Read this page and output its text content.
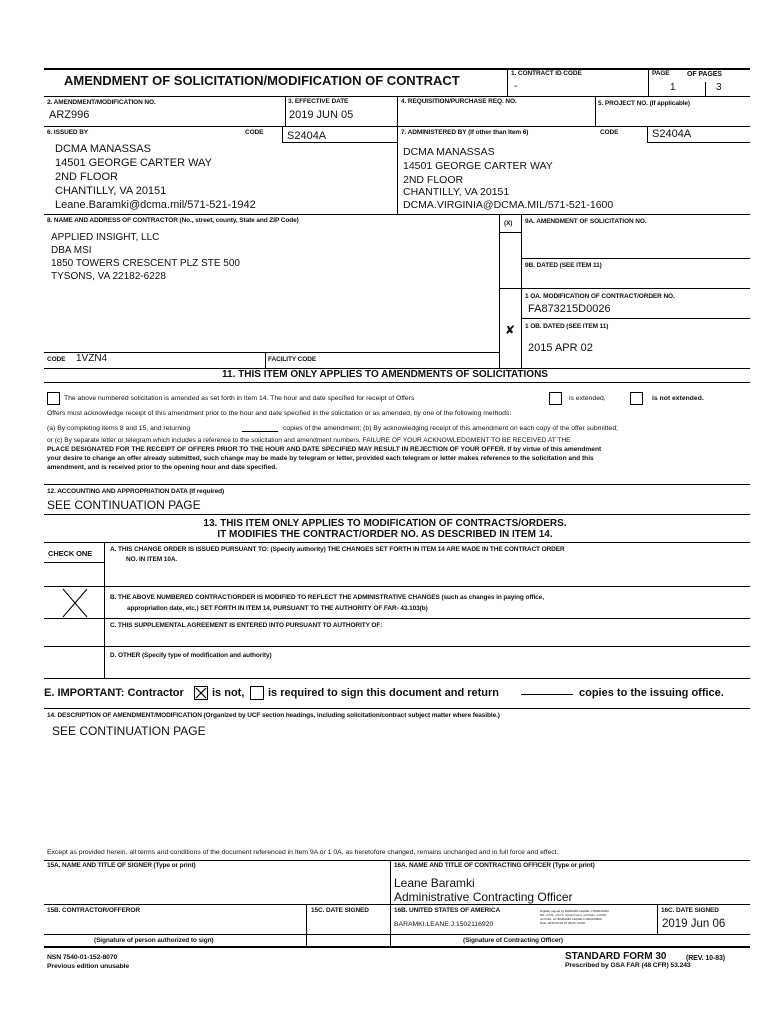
AMENDMENT OF SOLICITATION/MODIFICATION OF CONTRACT	1. CONTRACT ID CODE
-
PAGE OF PAGES
1	3
2. AMENDMENT/MODIFICATION NO.
ARZ996
3. EFFECTIVE DATE
2019 JUN 05
4. REQUISITION/PURCHASE REQ. NO.	5. PROJECT NO. (If applicable)
6. ISSUED BY	CODE S2404A
DCMA MANASSAS
14501 GEORGE CARTER WAY
2ND FLOOR
CHANTILLY, VA 20151
Leane.Baramki@dcma.mil/571-521-1942
7. ADMINISTERED BY (If other than Item 6)	CODE	S2404A
DCMA MANASSAS
14501 GEORGE CARTER WAY
2ND FLOOR
CHANTILLY, VA 20151
DCMA.VIRGINIA@DCMA.MIL/571-521-1600
8. NAME AND ADDRESS OF CONTRACTOR (No., street, county, State and ZIP Code)
APPLIED INSIGHT, LLC
DBA MSI
1850 TOWERS CRESCENT PLZ STE 500
TYSONS, VA 22182-6228
CODE 1VZN4	FACILITY CODE
(X) 9A. AMENDMENT OF SOLICITATION NO.
9B. DATED (SEE ITEM 11)
1 OA. MODIFICATION OF CONTRACT/ORDER NO.
FA873215D0026
✘ 1 OB. DATED (SEE ITEM 11)
2015 APR 02
11. THIS ITEM ONLY APPLIES TO AMENDMENTS OF SOLICITATIONS
The above numbered solicitation is amended as set forth in Item 14. The hour and date specified for receipt of Offers	is extended,	is not extended.
Offers must acknowledge receipt of this amendment prior to the hour and date specified in the solicitation or as amended, by one of the following methods:
(a) By completing items 8 and 15, and returning	copies of the amendment; (b) By acknowledging receipt of this amendment on each copy of the offer submitted;
or (c) By separate letter or telegram which includes a reference to the solicitation and amendment numbers. FAILURE OF YOUR ACKNOWLEDGMENT TO BE RECEIVED AT THE
PLACE DESIGNATED FOR THE RECEIPT OF OFFERS PRIOR TO THE HOUR AND DATE SPECIFIED MAY RESULT IN REJECTION OF YOUR OFFER. If by virtue of this amendment
your desire to change an offer already submitted, such change may be made by telegram or letter, provided each telegram or letter makes reference to the solicitation and this
amendment, and is received prior to the opening hour and date specified.
12. ACCOUNTING AND APPROPRIATION DATA (If required)
SEE CONTINUATION PAGE
13. THIS ITEM ONLY APPLIES TO MODIFICATION OF CONTRACTS/ORDERS.
IT MODIFIES THE CONTRACT/ORDER NO. AS DESCRIBED IN ITEM 14.
CHECK ONE	A. THIS CHANGE ORDER IS ISSUED PURSUANT TO: (Specify authority) THE CHANGES SET FORTH IN ITEM 14 ARE MADE IN THE CONTRACT ORDER
NO. IN ITEM 10A.
B. THE ABOVE NUMBERED CONTRACT/ORDER IS MODIFIED TO REFLECT THE ADMINISTRATIVE CHANGES (such as changes in paying office,
appropriation date, etc.) SET FORTH IN ITEM 14, PURSUANT TO THE AUTHORITY OF FAR- 43.103(b)
C. THIS SUPPLEMENTAL AGREEMENT IS ENTERED INTO PURSUANT TO AUTHORITY OF:
D. OTHER (Specify type of modification and authority)
E. IMPORTANT: Contractor	is not, is required to sign this document and return	copies to the issuing office.
14. DESCRIPTION OF AMENDMENT/MODIFICATION (Organized by UCF section headings, including solicitation/contract subject matter where feasible.)
SEE CONTINUATION PAGE
Except as provided herein, all terms and conditions of the document referenced in Item 9A or 1 0A, as heretofore changed, remains unchanged and in full force and effect.
15A. NAME AND TITLE OF SIGNER (Type or print)	16A. NAME AND TITLE OF CONTRACTING OFFICER (Type or print)
Leane Baramki
Administrative Contracting Officer
15B. CONTRACTOR/OFFEROR	15C. DATE SIGNED	16B. UNITED STATES OF AMERICA
BARAMKI.LEANE.J.1502116920
Digitally signed by BARAMKI.LEANE.J.1502116920
DN: c=US, o=U.S. Government, ou=DoD, ou=PKI,
ou=USA, cn=BARAMKI.LEANE.J.1502116920
Date: 2019.06.06 07:08:03 -04'00'
16C. DATE SIGNED
2019 Jun 06
(Signature of person authorized to sign)	(Signature of Contracting Officer)
NSN 7540-01-152-8070
Previous edition unusable
STANDARD FORM 30	(REV. 10-83)
Prescribed by GSA FAR (48 CFR) 53.243
